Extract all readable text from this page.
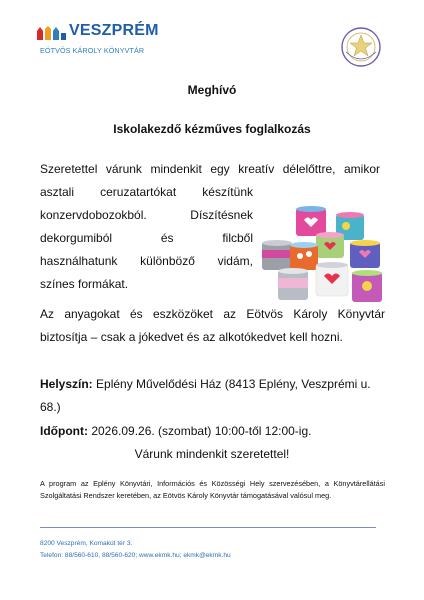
VESZPRÉM
EÖTVÖS KÁROLY KÖNYVTÁR
Meghívó
Iskolakezdő kézműves foglalkozás
Szeretettel várunk mindenkit egy kreatív délelőttre, amikor
asztali ceruzatartókat készítünk
konzervdobozokból. Díszítésnek
dekorgumiból és filcből
használhatunk különböző vidám,
színes formákat.
Az anyagokat és eszközöket az Eötvös Károly Könyvtár biztosítja – csak a jókedvet és az alkotókedvet kell hozni.
Helyszín: Eplény Művelődési Ház (8413 Eplény, Veszprémi u. 68.)
Időpont: 2026.09.26. (szombat) 10:00-től 12:00-ig.
Várunk mindenkit szeretettel!
A program az Eplény Könyvtári, Információs és Közösségi Hely szervezésében, a Könyvtárellátási Szolgáltatási Rendszer keretében, az Eötvös Károly Könyvtár támogatásával valósul meg.
8200 Veszprém, Komakút tér 3.
Telefon: 88/560-610, 88/560-620; www.ekmk.hu; ekmk@ekmk.hu
